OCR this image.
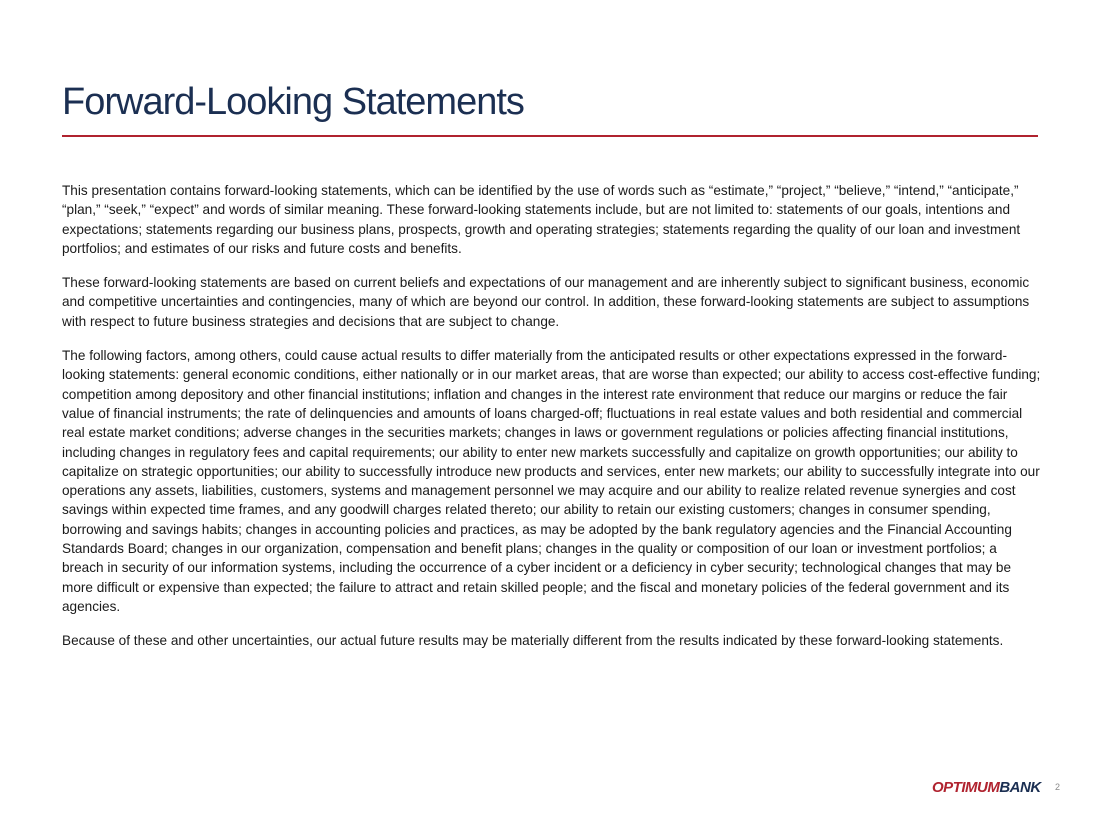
Forward-Looking Statements

This presentation contains forward-looking statements, which can be identified by the use of words such as “estimate,” “project,” “believe,” “intend,” “anticipate,” “plan,” “seek,” “expect” and words of similar meaning. These forward-looking statements include, but are not limited to: statements of our goals, intentions and expectations; statements regarding our business plans, prospects, growth and operating strategies; statements regarding the quality of our loan and investment portfolios; and estimates of our risks and future costs and benefits.

These forward-looking statements are based on current beliefs and expectations of our management and are inherently subject to significant business, economic and competitive uncertainties and contingencies, many of which are beyond our control. In addition, these forward-looking statements are subject to assumptions with respect to future business strategies and decisions that are subject to change.

The following factors, among others, could cause actual results to differ materially from the anticipated results or other expectations expressed in the forward-looking statements: general economic conditions, either nationally or in our market areas, that are worse than expected; our ability to access cost-effective funding; competition among depository and other financial institutions; inflation and changes in the interest rate environment that reduce our margins or reduce the fair value of financial instruments; the rate of delinquencies and amounts of loans charged-off; fluctuations in real estate values and both residential and commercial real estate market conditions; adverse changes in the securities markets; changes in laws or government regulations or policies affecting financial institutions, including changes in regulatory fees and capital requirements; our ability to enter new markets successfully and capitalize on growth opportunities; our ability to capitalize on strategic opportunities; our ability to successfully introduce new products and services, enter new markets; our ability to successfully integrate into our operations any assets, liabilities, customers, systems and management personnel we may acquire and our ability to realize related revenue synergies and cost savings within expected time frames, and any goodwill charges related thereto; our ability to retain our existing customers; changes in consumer spending, borrowing and savings habits; changes in accounting policies and practices, as may be adopted by the bank regulatory agencies and the Financial Accounting Standards Board; changes in our organization, compensation and benefit plans; changes in the quality or composition of our loan or investment portfolios; a breach in security of our information systems, including the occurrence of a cyber incident or a deficiency in cyber security; technological changes that may be more difficult or expensive than expected; the failure to attract and retain skilled people; and the fiscal and monetary policies of the federal government and its agencies.

Because of these and other uncertainties, our actual future results may be materially different from the results indicated by these forward-looking statements.

OPTIMUMBANK 2
